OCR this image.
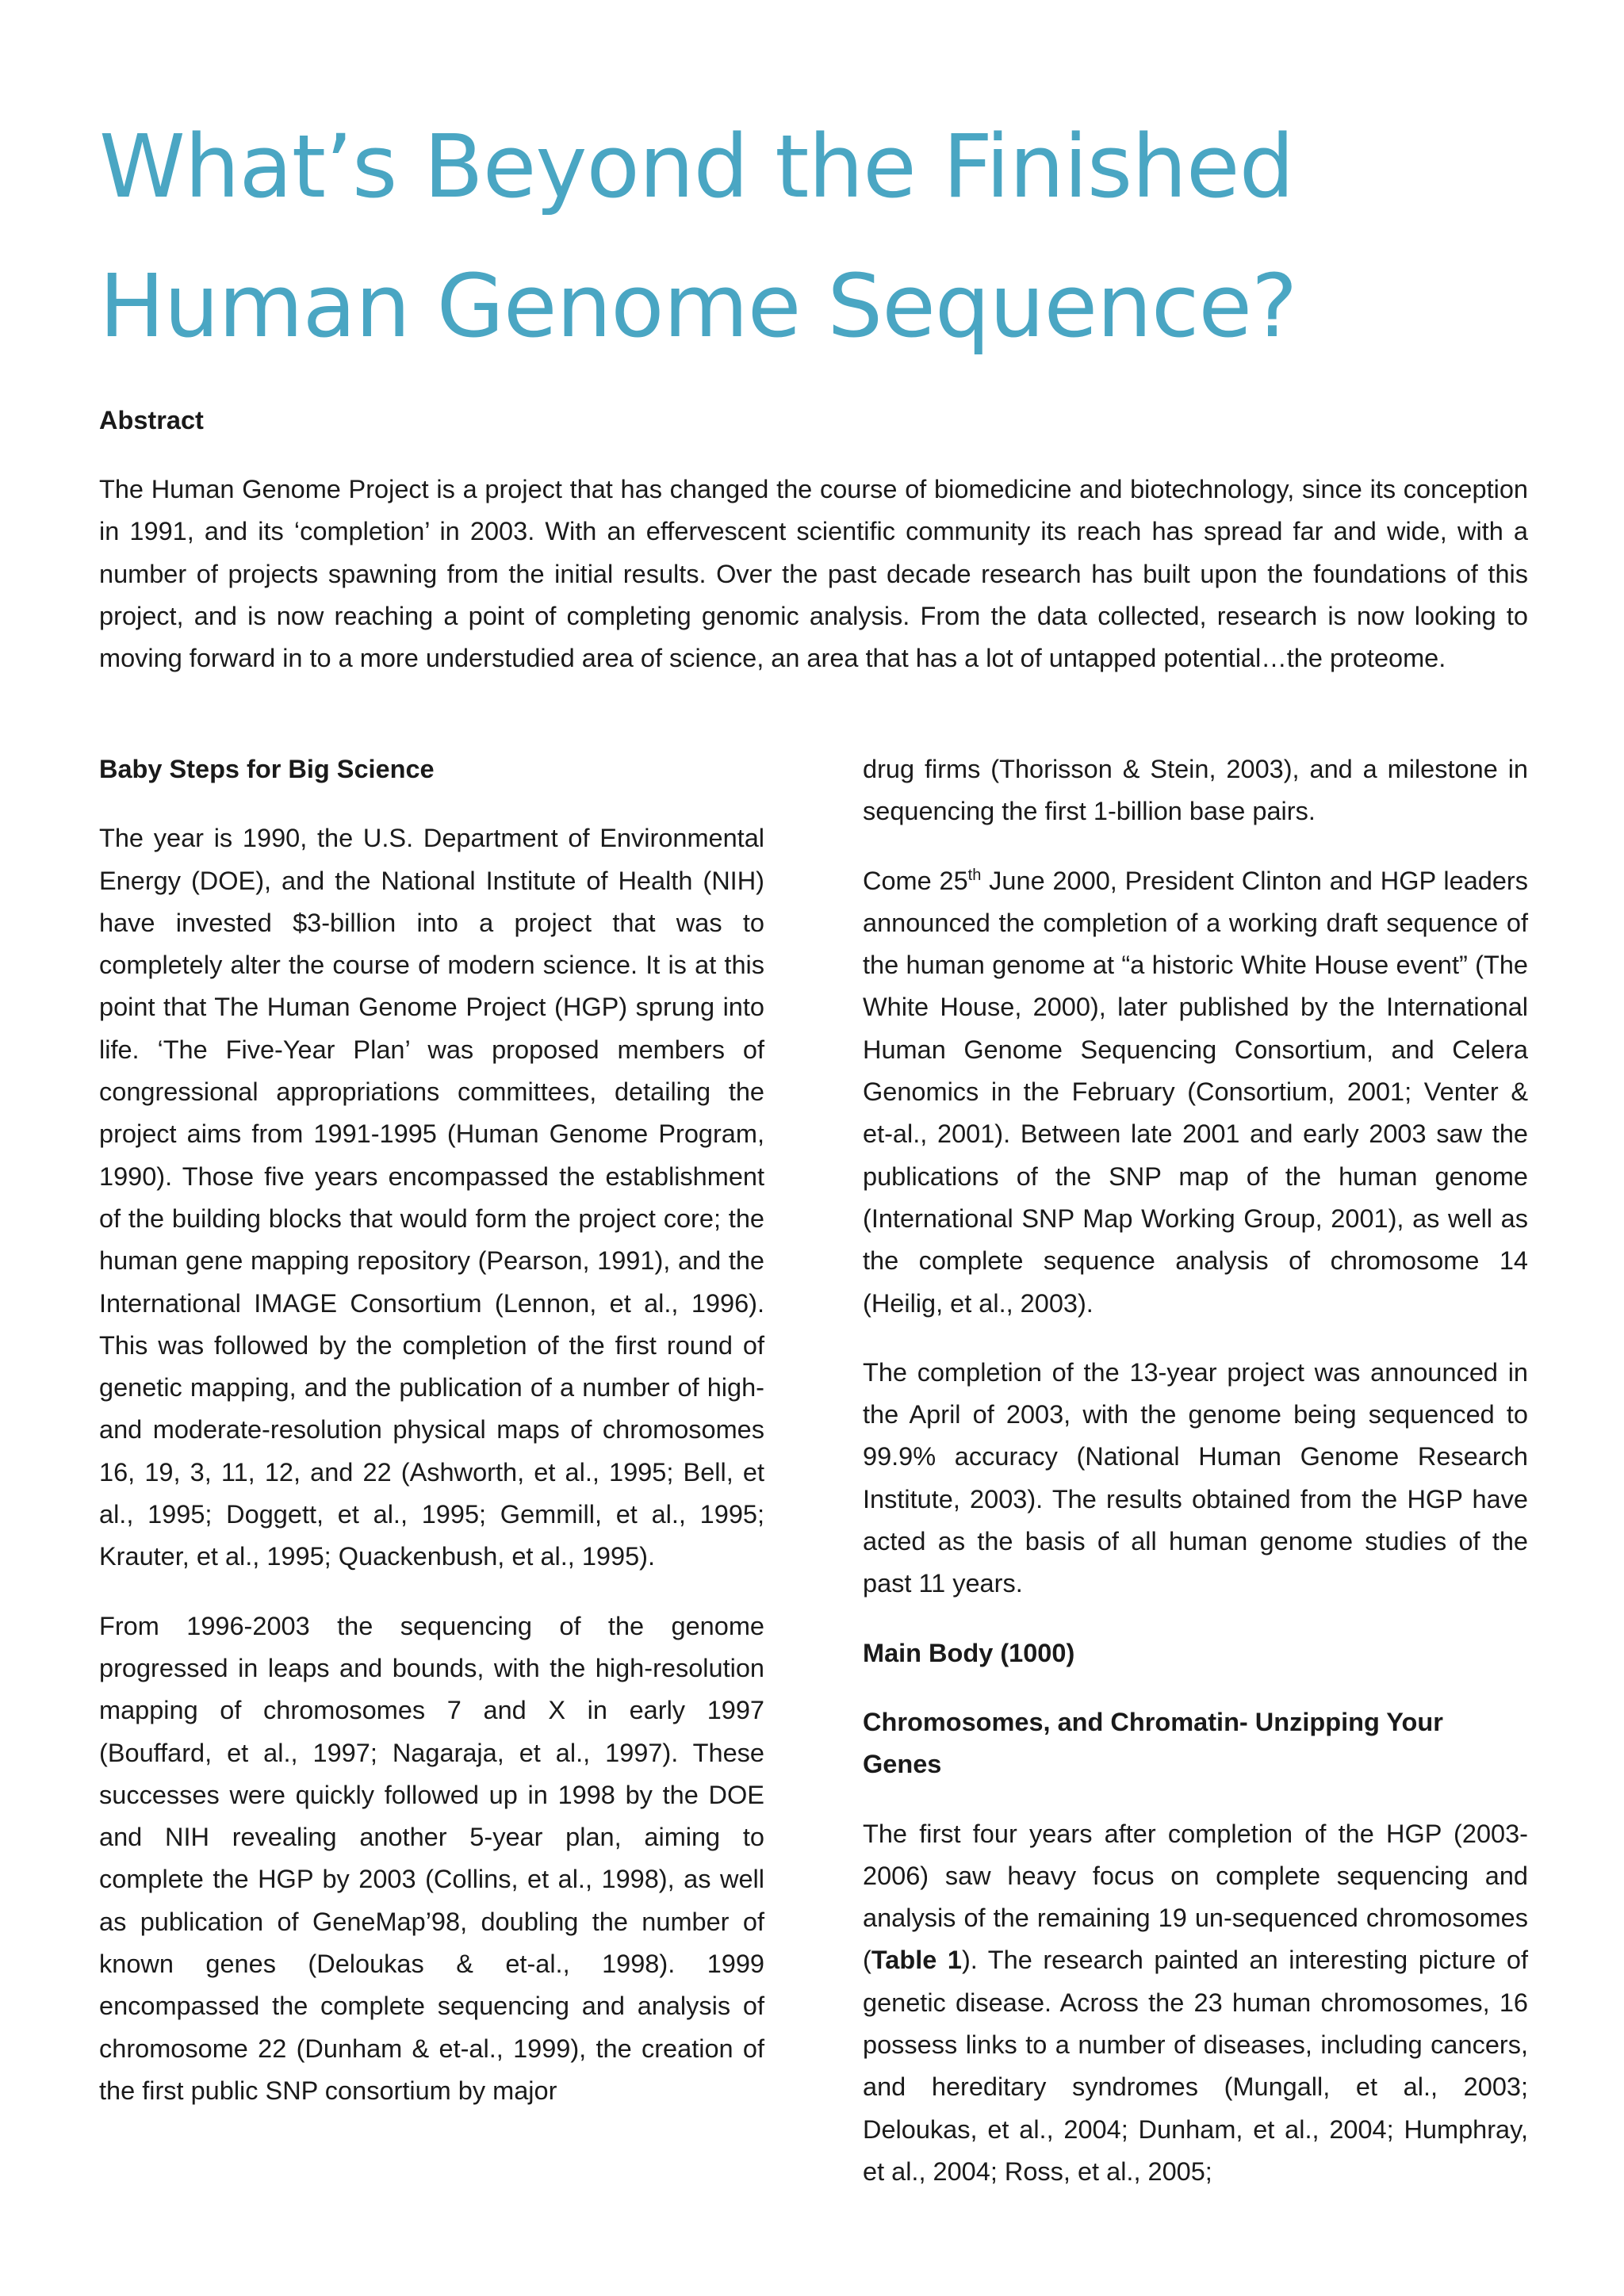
What’s Beyond the Finished
Human Genome Sequence?

Abstract

The Human Genome Project is a project that has changed the course of biomedicine and biotechnology, since its conception in 1991, and its ‘completion’ in 2003. With an effervescent scientific community its reach has spread far and wide, with a number of projects spawning from the initial results. Over the past decade research has built upon the foundations of this project, and is now reaching a point of completing genomic analysis. From the data collected, research is now looking to moving forward in to a more understudied area of science, an area that has a lot of untapped potential…the proteome.

Baby Steps for Big Science

The year is 1990, the U.S. Department of Environmental Energy (DOE), and the National Institute of Health (NIH) have invested $3-billion into a project that was to completely alter the course of modern science. It is at this point that The Human Genome Project (HGP) sprung into life. ‘The Five-Year Plan’ was proposed members of congressional appropriations committees, detailing the project aims from 1991-1995 (Human Genome Program, 1990). Those five years encompassed the establishment of the building blocks that would form the project core; the human gene mapping repository (Pearson, 1991), and the International IMAGE Consortium (Lennon, et al., 1996). This was followed by the completion of the first round of genetic mapping, and the publication of a number of high- and moderate-resolution physical maps of chromosomes 16, 19, 3, 11, 12, and 22 (Ashworth, et al., 1995; Bell, et al., 1995; Doggett, et al., 1995; Gemmill, et al., 1995; Krauter, et al., 1995; Quackenbush, et al., 1995).

From 1996-2003 the sequencing of the genome progressed in leaps and bounds, with the high-resolution mapping of chromosomes 7 and X in early 1997 (Bouffard, et al., 1997; Nagaraja, et al., 1997). These successes were quickly followed up in 1998 by the DOE and NIH revealing another 5-year plan, aiming to complete the HGP by 2003 (Collins, et al., 1998), as well as publication of GeneMap’98, doubling the number of known genes (Deloukas & et-al., 1998). 1999 encompassed the complete sequencing and analysis of chromosome 22 (Dunham & et-al., 1999), the creation of the first public SNP consortium by major

drug firms (Thorisson & Stein, 2003), and a milestone in sequencing the first 1-billion base pairs.

Come 25th June 2000, President Clinton and HGP leaders announced the completion of a working draft sequence of the human genome at “a historic White House event” (The White House, 2000), later published by the International Human Genome Sequencing Consortium, and Celera Genomics in the February (Consortium, 2001; Venter & et-al., 2001). Between late 2001 and early 2003 saw the publications of the SNP map of the human genome (International SNP Map Working Group, 2001), as well as the complete sequence analysis of chromosome 14 (Heilig, et al., 2003).

The completion of the 13-year project was announced in the April of 2003, with the genome being sequenced to 99.9% accuracy (National Human Genome Research Institute, 2003). The results obtained from the HGP have acted as the basis of all human genome studies of the past 11 years.

Main Body (1000)

Chromosomes, and Chromatin- Unzipping Your Genes

The first four years after completion of the HGP (2003-2006) saw heavy focus on complete sequencing and analysis of the remaining 19 un-sequenced chromosomes (Table 1). The research painted an interesting picture of genetic disease. Across the 23 human chromosomes, 16 possess links to a number of diseases, including cancers, and hereditary syndromes (Mungall, et al., 2003; Deloukas, et al., 2004; Dunham, et al., 2004; Humphray, et al., 2004; Ross, et al., 2005;
